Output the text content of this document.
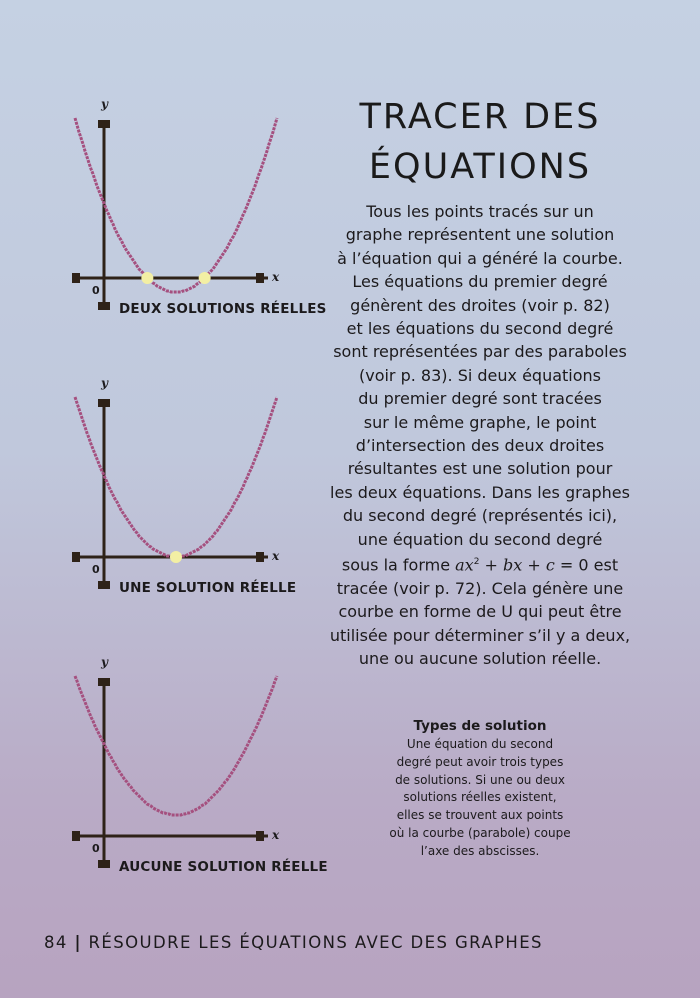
y
x
0
DEUX SOLUTIONS RÉELLES
y
x
0
UNE SOLUTION RÉELLE
y
x
0
AUCUNE SOLUTION RÉELLE
TRACER DES
ÉQUATIONS
Tous les points tracés sur un
graphe représentent une solution
à l’équation qui a généré la courbe.
Les équations du premier degré
génèrent des droites (voir p. 82)
et les équations du second degré
sont représentées par des paraboles
(voir p. 83). Si deux équations
du premier degré sont tracées
sur le même graphe, le point
d’intersection des deux droites
résultantes est une solution pour
les deux équations. Dans les graphes
du second degré (représentés ici),
une équation du second degré
sous la forme $ax^2$ + bx + c = 0 est
tracée (voir p. 72). Cela génère une
courbe en forme de U qui peut être
utilisée pour déterminer s’il y a deux,
une ou aucune solution réelle.
Types de solution
Une équation du second
degré peut avoir trois types
de solutions. Si une ou deux
solutions réelles existent,
elles se trouvent aux points
où la courbe (parabole) coupe
l’axe des abscisses.
84 | RÉSOUDRE LES ÉQUATIONS AVEC DES GRAPHES
